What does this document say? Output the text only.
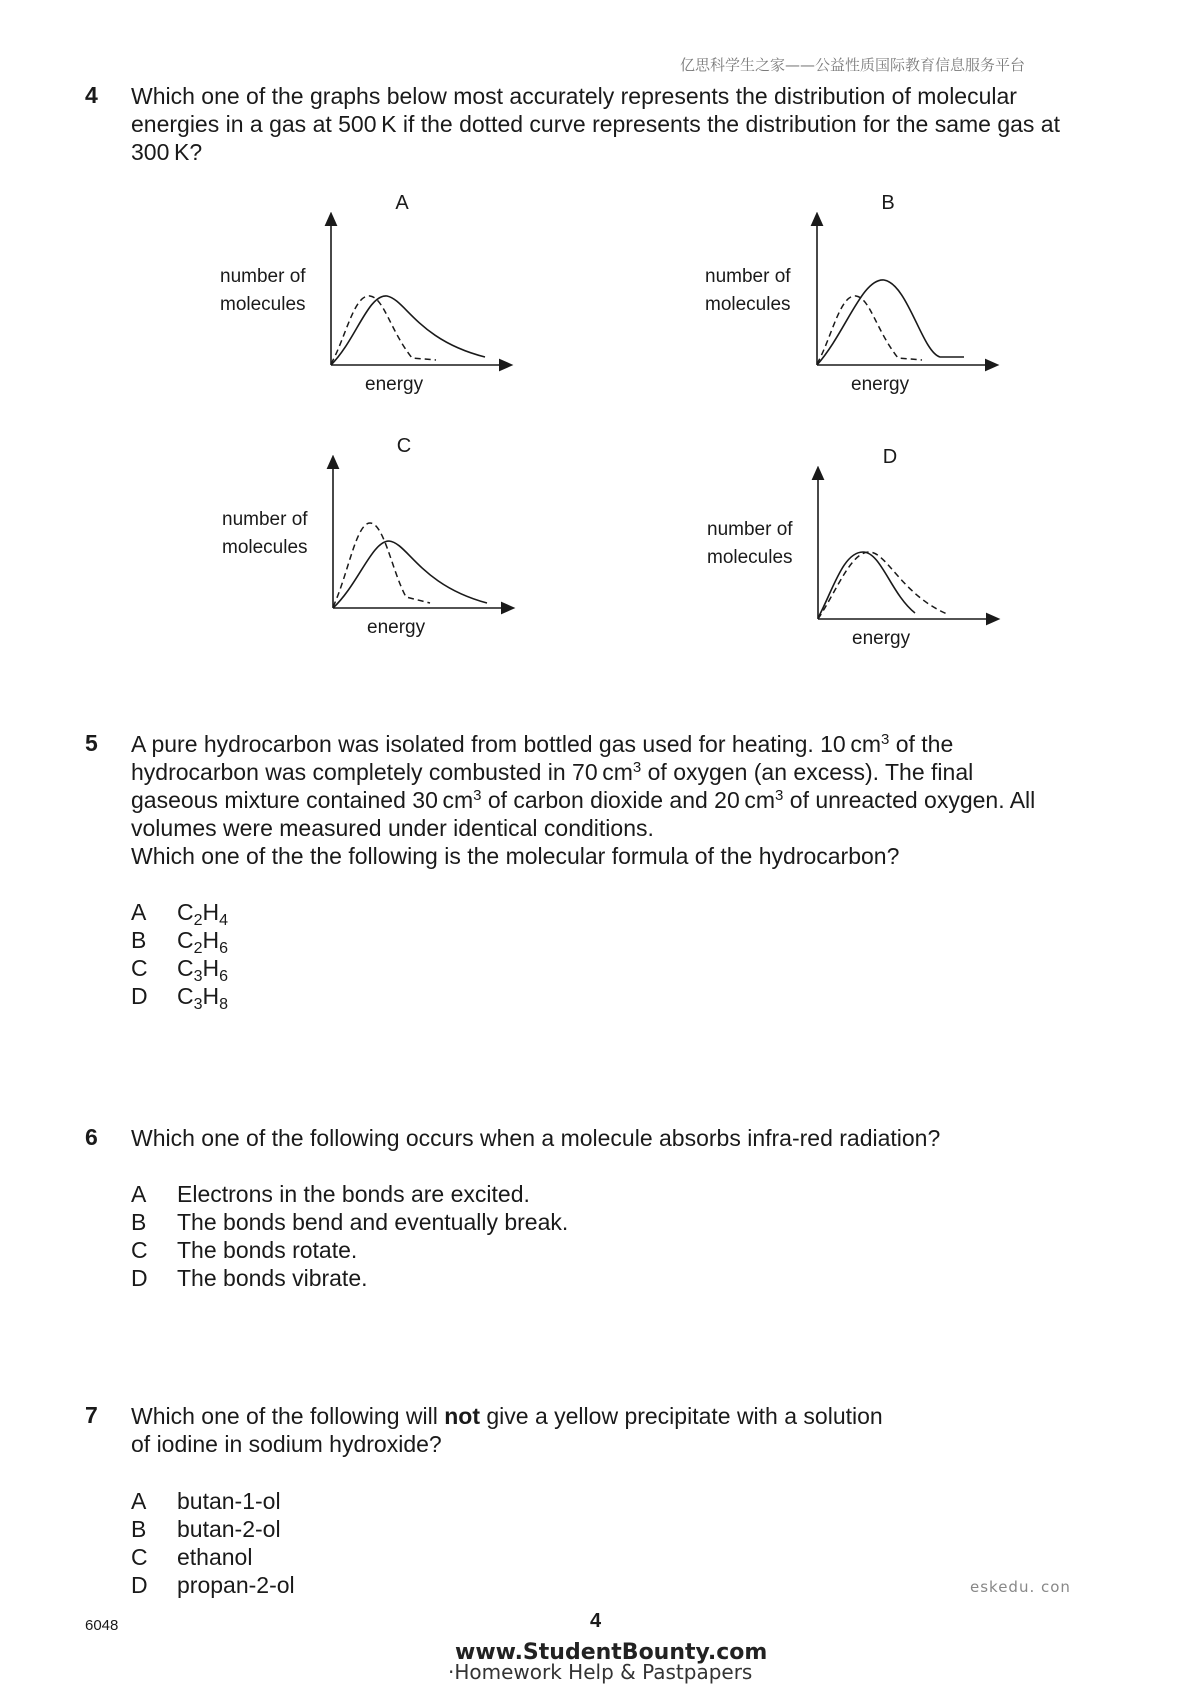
亿思科学生之家——公益性质国际教育信息服务平台
4 Which one of the graphs below most accurately represents the distribution of molecular energies in a gas at 500 K if the dotted curve represents the distribution for the same gas at 300 K?
A
number of
molecules
energy
B
number of
molecules
energy
C
number of
molecules
energy
D
number of
molecules
energy
5 A pure hydrocarbon was isolated from bottled gas used for heating. 10 $cm^3$ of the
hydrocarbon was completely combusted in 70 $cm^3$ of oxygen (an excess). The final
gaseous mixture contained 30 $cm^3$ of carbon dioxide and 20 $cm^3$ of unreacted oxygen. All
volumes were measured under identical conditions.
Which one of the the following is the molecular formula of the hydrocarbon?
A	$C_2H_4$
B	$C_2H_6$
C	$C_3H_6$
D	$C_3H_8$
6 Which one of the following occurs when a molecule absorbs infra-red radiation?
A	Electrons in the bonds are excited.
B	The bonds bend and eventually break.
C	The bonds rotate.
D	The bonds vibrate.
7 Which one of the following will not give a yellow precipitate with a solution
of iodine in sodium hydroxide?
A	butan-1-ol
B	butan-2-ol
C	ethanol
D	propan-2-ol	eskedu. con
6048	4
www.StudentBounty.com
·Homework Help & Pastpapers
